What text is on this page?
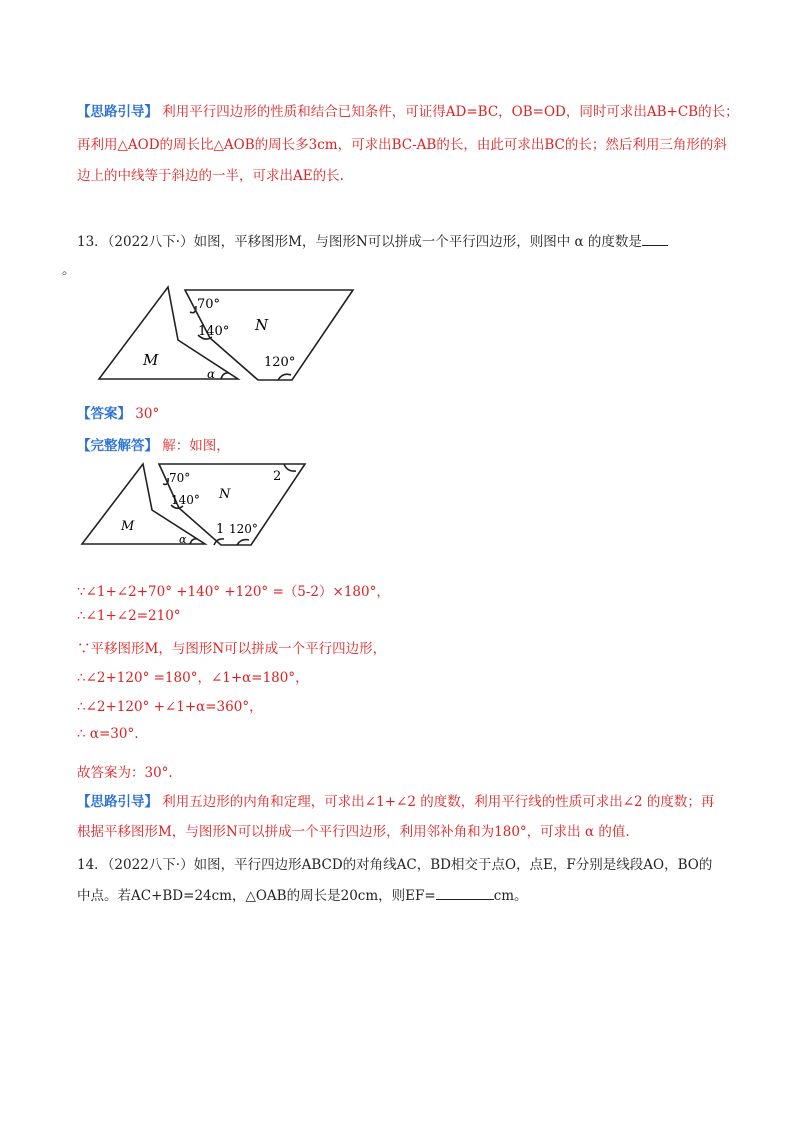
【思路引导】 利用平行四边形的性质和结合已知条件，可证得AD=BC，OB=OD，同时可求出AB+CB的长；
再利用△AOD的周长比△AOB的周长多3cm，可求出BC-AB的长，由此可求出BC的长；然后利用三角形的斜
边上的中线等于斜边的一半，可求出AE的长.
13．（2022八下·）如图，平移图形M，与图形N可以拼成一个平行四边形，则图中 α 的度数是
。
70°
140° N
120°
M
α
【答案】 30°
【完整解答】 解：如图，
70°
140° N
2
1 120°
M
α
∵∠1+∠2+70° +140° +120° =（5-2）×180°，
∴∠1+∠2=210°
∵平移图形M，与图形N可以拼成一个平行四边形，
∴∠2+120° =180°，∠1+α=180°，
∴∠2+120° +∠1+α=360°，
∴ α=30°.
故答案为：30°.
【思路引导】 利用五边形的内角和定理，可求出∠1+∠2 的度数，利用平行线的性质可求出∠2 的度数；再
根据平移图形M，与图形N可以拼成一个平行四边形，利用邻补角和为180°，可求出 α 的值.
14．（2022八下·）如图，平行四边形ABCD的对角线AC，BD相交于点O，点E，F分别是线段AO，BO的
中点。若AC+BD=24cm，△OAB的周长是20cm，则EF=	cm。
